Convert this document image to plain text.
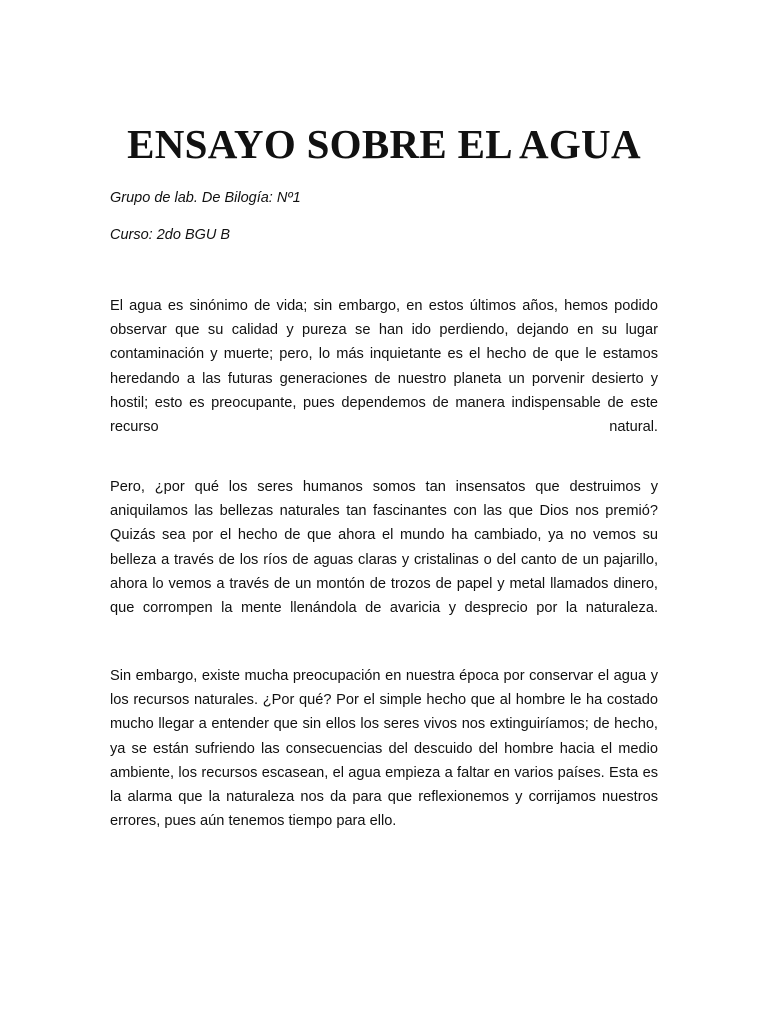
ENSAYO SOBRE EL AGUA

Grupo de lab. De Bilogía: Nº1

Curso: 2do BGU B

El agua es sinónimo de vida; sin embargo, en estos últimos años, hemos podido observar que su calidad y pureza se han ido perdiendo, dejando en su lugar contaminación y muerte; pero, lo más inquietante es el hecho de que le estamos heredando a las futuras generaciones de nuestro planeta un porvenir desierto y hostil; esto es preocupante, pues dependemos de manera indispensable de este recurso natural.

Pero, ¿por qué los seres humanos somos tan insensatos que destruimos y aniquilamos las bellezas naturales tan fascinantes con las que Dios nos premió? Quizás sea por el hecho de que ahora el mundo ha cambiado, ya no vemos su belleza a través de los ríos de aguas claras y cristalinas o del canto de un pajarillo, ahora lo vemos a través de un montón de trozos de papel y metal llamados dinero, que corrompen la mente llenándola de avaricia y desprecio por la naturaleza.

Sin embargo, existe mucha preocupación en nuestra época por conservar el agua y los recursos naturales. ¿Por qué? Por el simple hecho que al hombre le ha costado mucho llegar a entender que sin ellos los seres vivos nos extinguiríamos; de hecho, ya se están sufriendo las consecuencias del descuido del hombre hacia el medio ambiente, los recursos escasean, el agua empieza a faltar en varios países. Esta es la alarma que la naturaleza nos da para que reflexionemos y corrijamos nuestros errores, pues aún tenemos tiempo para ello.
